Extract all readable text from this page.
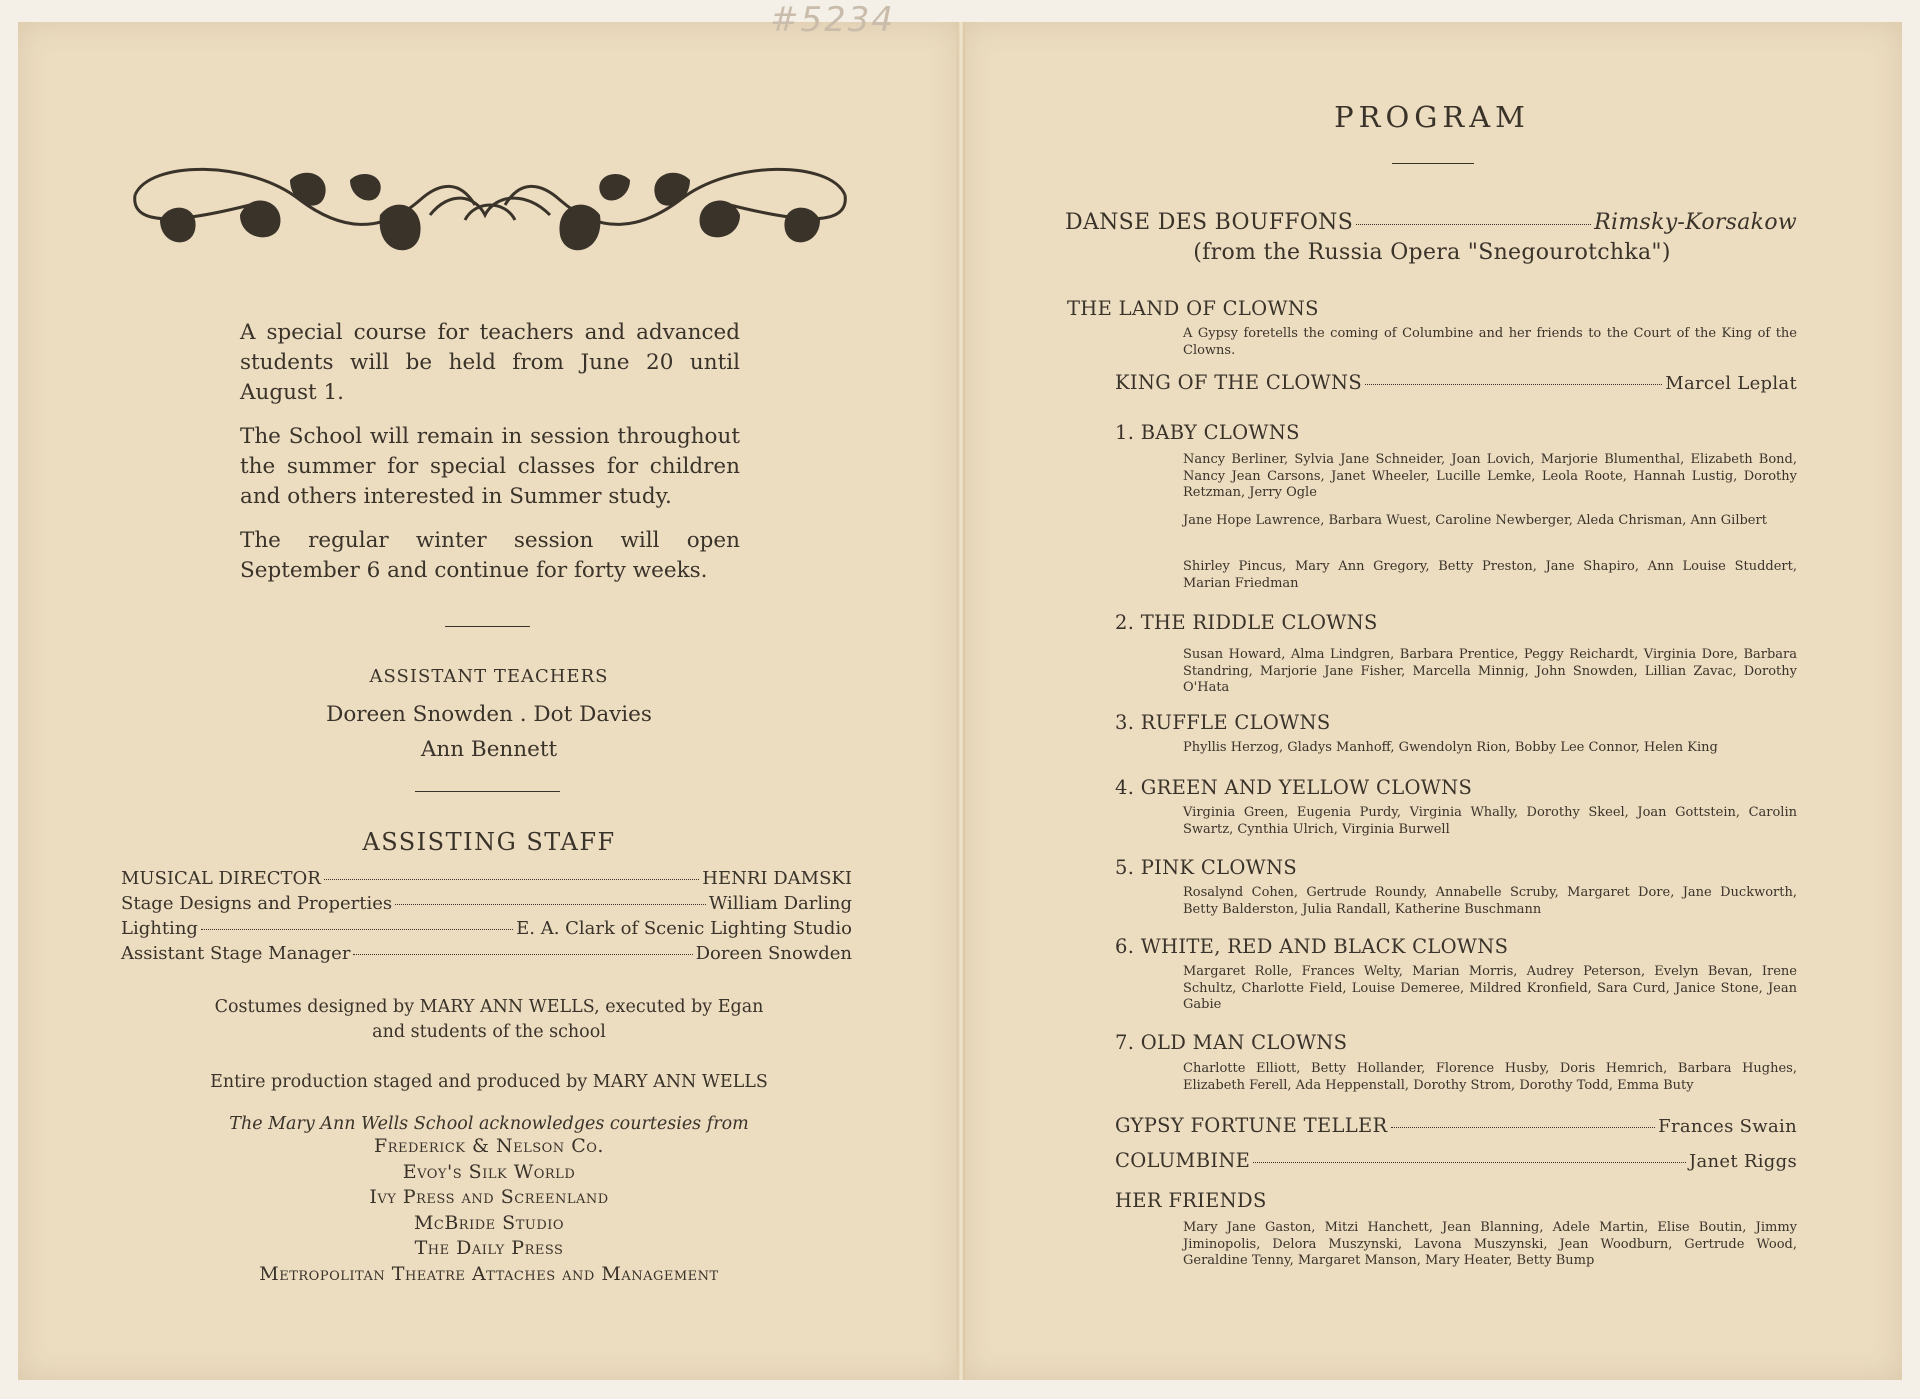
#5234

A special course for teachers and advanced students will be held from June 20 until August 1.

The School will remain in session throughout the summer for special classes for children and others interested in Summer study.

The regular winter session will open September 6 and continue for forty weeks.

ASSISTANT TEACHERS
Doreen Snowden . Dot Davies
Ann Bennett
ASSISTING STAFF
MUSICAL DIRECTOR	HENRI DAMSKI
Stage Designs and Properties	William Darling
Lighting	E. A. Clark of Scenic Lighting Studio
Assistant Stage Manager	Doreen Snowden
Costumes designed by MARY ANN WELLS, executed by Egan
and students of the school
Entire production staged and produced by MARY ANN WELLS
The Mary Ann Wells School acknowledges courtesies from
Frederick & Nelson Co.
Evoy's Silk World
Ivy Press and Screenland
McBride Studio
The Daily Press
Metropolitan Theatre Attaches and Management
PROGRAM
DANSE DES BOUFFONS	Rimsky-Korsakow
(from the Russia Opera "Snegourotchka")
THE LAND OF CLOWNS
A Gypsy foretells the coming of Columbine and her friends to the Court of the King of the Clowns.
KING OF THE CLOWNS	Marcel Leplat
1. BABY CLOWNS
Nancy Berliner, Sylvia Jane Schneider, Joan Lovich, Marjorie Blumenthal, Elizabeth Bond, Nancy Jean Carsons, Janet Wheeler, Lucille Lemke, Leola Roote, Hannah Lustig, Dorothy Retzman, Jerry Ogle
Jane Hope Lawrence, Barbara Wuest, Caroline Newberger, Aleda Chrisman, Ann Gilbert
Shirley Pincus, Mary Ann Gregory, Betty Preston, Jane Shapiro, Ann Louise Studdert, Marian Friedman
2. THE RIDDLE CLOWNS
Susan Howard, Alma Lindgren, Barbara Prentice, Peggy Reichardt, Virginia Dore, Barbara Standring, Marjorie Jane Fisher, Marcella Minnig, John Snowden, Lillian Zavac, Dorothy O'Hata
3. RUFFLE CLOWNS
Phyllis Herzog, Gladys Manhoff, Gwendolyn Rion, Bobby Lee Connor, Helen King
4. GREEN AND YELLOW CLOWNS
Virginia Green, Eugenia Purdy, Virginia Whally, Dorothy Skeel, Joan Gottstein, Carolin Swartz, Cynthia Ulrich, Virginia Burwell
5. PINK CLOWNS
Rosalynd Cohen, Gertrude Roundy, Annabelle Scruby, Margaret Dore, Jane Duckworth, Betty Balderston, Julia Randall, Katherine Buschmann
6. WHITE, RED AND BLACK CLOWNS
Margaret Rolle, Frances Welty, Marian Morris, Audrey Peterson, Evelyn Bevan, Irene Schultz, Charlotte Field, Louise Demeree, Mildred Kronfield, Sara Curd, Janice Stone, Jean Gabie
7. OLD MAN CLOWNS
Charlotte Elliott, Betty Hollander, Florence Husby, Doris Hemrich, Barbara Hughes, Elizabeth Ferell, Ada Heppenstall, Dorothy Strom, Dorothy Todd, Emma Buty
GYPSY FORTUNE TELLER	Frances Swain
COLUMBINE	Janet Riggs
HER FRIENDS
Mary Jane Gaston, Mitzi Hanchett, Jean Blanning, Adele Martin, Elise Boutin, Jimmy Jiminopolis, Delora Muszynski, Lavona Muszynski, Jean Woodburn, Gertrude Wood, Geraldine Tenny, Margaret Manson, Mary Heater, Betty Bump
